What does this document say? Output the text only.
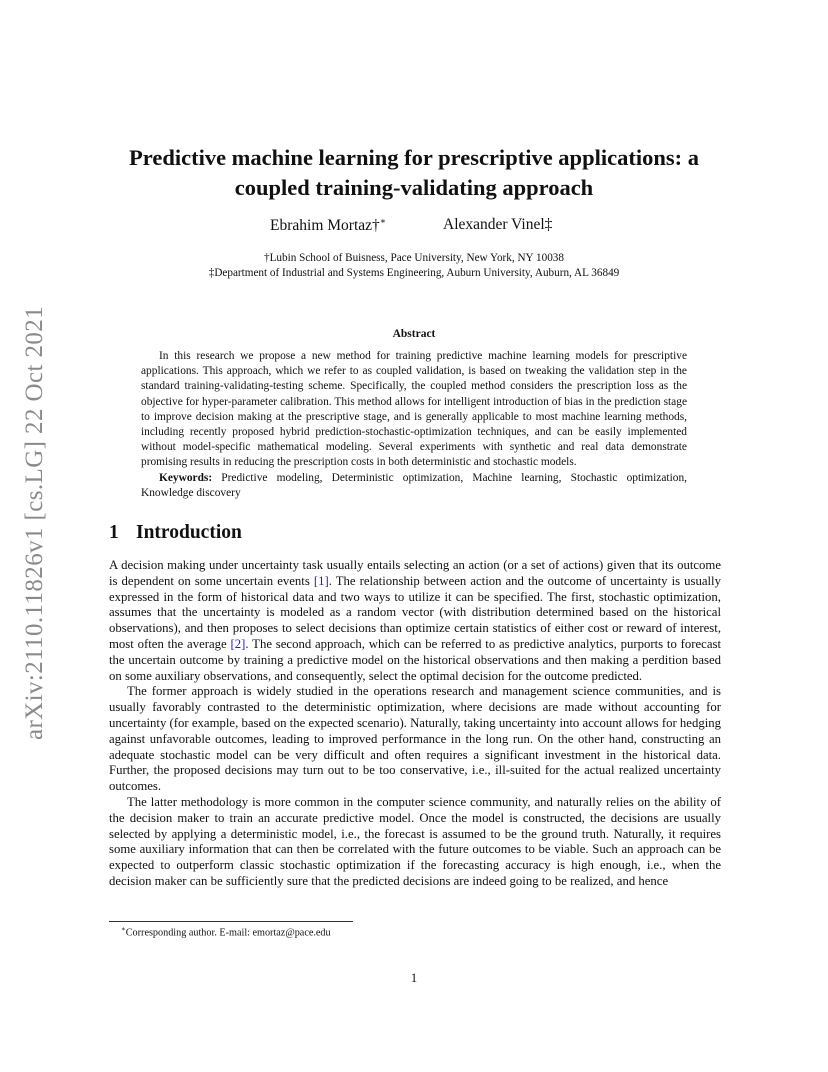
arXiv:2110.11826v1 [cs.LG] 22 Oct 2021
Predictive machine learning for prescriptive applications: a coupled training-validating approach
Ebrahim Mortaz†∗	Alexander Vinel‡
†Lubin School of Buisness, Pace University, New York, NY 10038
‡Department of Industrial and Systems Engineering, Auburn University, Auburn, AL 36849
Abstract
In this research we propose a new method for training predictive machine learning models for prescriptive applications. This approach, which we refer to as coupled validation, is based on tweaking the validation step in the standard training-validating-testing scheme. Specifically, the coupled method considers the prescription loss as the objective for hyper-parameter calibration. This method allows for intelligent introduction of bias in the prediction stage to improve decision making at the prescriptive stage, and is generally applicable to most machine learning methods, including recently proposed hybrid prediction-stochastic-optimization techniques, and can be easily implemented without model-specific mathematical modeling. Several experiments with synthetic and real data demonstrate promising results in reducing the prescription costs in both deterministic and stochastic models.
Keywords: Predictive modeling, Deterministic optimization, Machine learning, Stochastic optimization, Knowledge discovery
1 Introduction

A decision making under uncertainty task usually entails selecting an action (or a set of actions) given that its outcome is dependent on some uncertain events [1]. The relationship between action and the outcome of uncertainty is usually expressed in the form of historical data and two ways to utilize it can be specified. The first, stochastic optimization, assumes that the uncertainty is modeled as a random vector (with distribution determined based on the historical observations), and then proposes to select decisions than optimize certain statistics of either cost or reward of interest, most often the average [2]. The second approach, which can be referred to as predictive analytics, purports to forecast the uncertain outcome by training a predictive model on the historical observations and then making a perdition based on some auxiliary observations, and consequently, select the optimal decision for the outcome predicted.

The former approach is widely studied in the operations research and management science communities, and is usually favorably contrasted to the deterministic optimization, where decisions are made without accounting for uncertainty (for example, based on the expected scenario). Naturally, taking uncertainty into account allows for hedging against unfavorable outcomes, leading to improved performance in the long run. On the other hand, constructing an adequate stochastic model can be very difficult and often requires a significant investment in the historical data. Further, the proposed decisions may turn out to be too conservative, i.e., ill-suited for the actual realized uncertainty outcomes.

The latter methodology is more common in the computer science community, and naturally relies on the ability of the decision maker to train an accurate predictive model. Once the model is constructed, the decisions are usually selected by applying a deterministic model, i.e., the forecast is assumed to be the ground truth. Naturally, it requires some auxiliary information that can then be correlated with the future outcomes to be viable. Such an approach can be expected to outperform classic stochastic optimization if the forecasting accuracy is high enough, i.e., when the decision maker can be sufficiently sure that the predicted decisions are indeed going to be realized, and hence

∗Corresponding author. E-mail: emortaz@pace.edu
1
